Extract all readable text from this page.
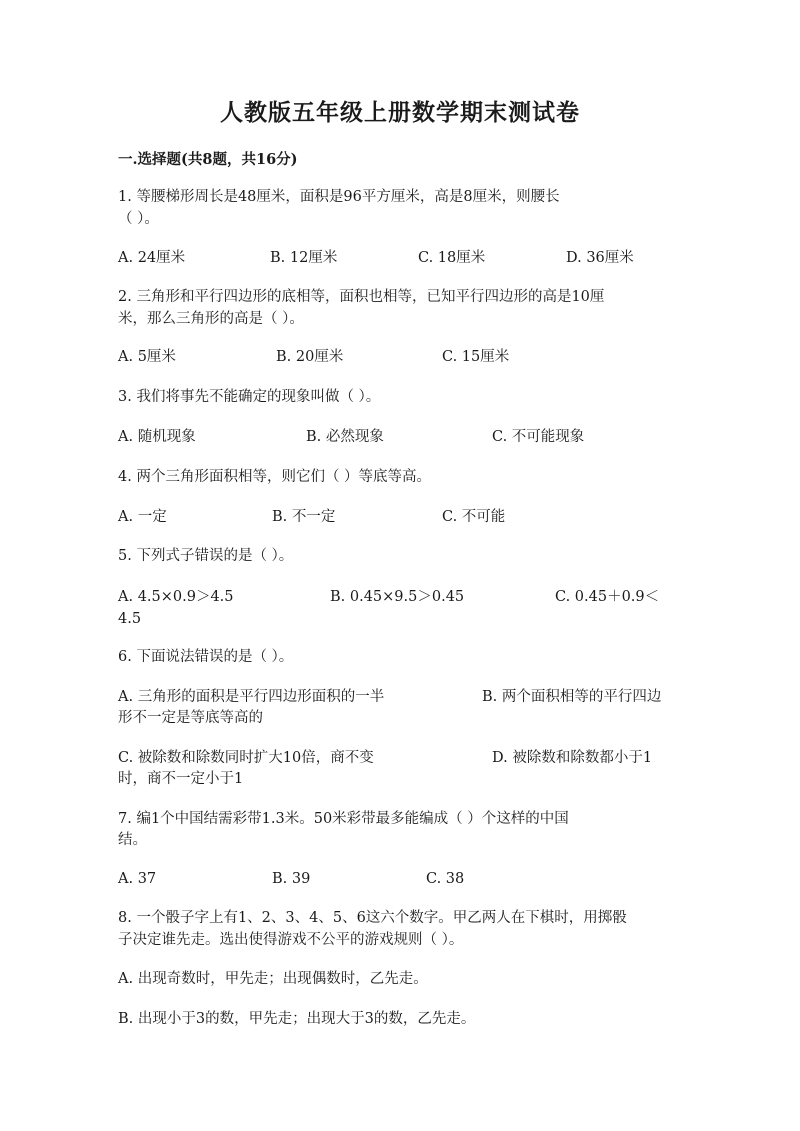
人教版五年级上册数学期末测试卷
一.选择题(共8题，共16分)
1. 等腰梯形周长是48厘米，面积是96平方厘米，高是8厘米，则腰长
（ ）。
A. 24厘米	B. 12厘米	C. 18厘米	D. 36厘米
2. 三角形和平行四边形的底相等，面积也相等，已知平行四边形的高是10厘
米，那么三角形的高是（ ）。
A. 5厘米	B. 20厘米	C. 15厘米
3. 我们将事先不能确定的现象叫做（ ）。
A. 随机现象	B. 必然现象	C. 不可能现象
4. 两个三角形面积相等，则它们（ ）等底等高。
A. 一定	B. 不一定	C. 不可能
5. 下列式子错误的是（ ）。
A. 4.5×0.9＞4.5	B. 0.45×9.5＞0.45	C. 0.45＋0.9＜
4.5
6. 下面说法错误的是（ ）。
A. 三角形的面积是平行四边形面积的一半	B. 两个面积相等的平行四边
形不一定是等底等高的
C. 被除数和除数同时扩大10倍，商不变	D. 被除数和除数都小于1
时，商不一定小于1
7. 编1个中国结需彩带1.3米。50米彩带最多能编成（ ）个这样的中国
结。
A. 37	B. 39	C. 38
8. 一个骰子字上有1、2、3、4、5、6这六个数字。甲乙两人在下棋时，用掷骰
子决定谁先走。选出使得游戏不公平的游戏规则（ ）。
A. 出现奇数时，甲先走；出现偶数时，乙先走。
B. 出现小于3的数，甲先走；出现大于3的数，乙先走。
